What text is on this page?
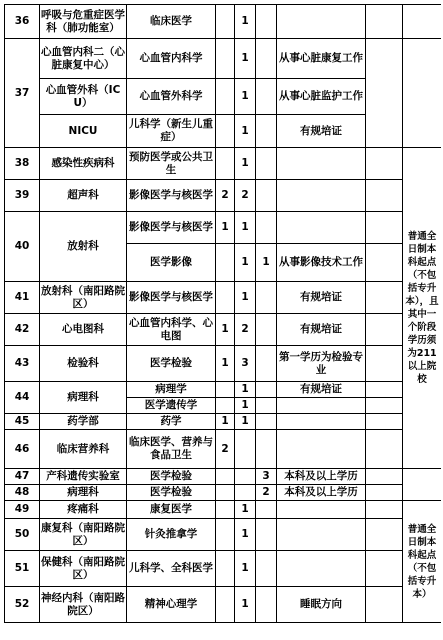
36	呼吸与危重症医学科（肺功能室）	临床医学		1				
37	心血管内科二（心脏康复中心）	心血管内科学		1		从事心脏康复工作		
	心血管外科（ICU）	心血管外科学		1		从事心脏监护工作		
	NICU	儿科学（新生儿重症）		1		有规培证		
38	感染性疾病科	预防医学或公共卫生		1				普通全日制本科起点（不包括专升本），且其中一个阶段学历须为211以上院校
39	超声科	影像医学与核医学	2	2				
40	放射科	影像医学与核医学	1	1				
		医学影像		1	1	从事影像技术工作		
41	放射科（南阳路院区）	影像医学与核医学		1		有规培证		
42	心电图科	心血管内科学、心电图	1	2		有规培证		
43	检验科	医学检验	1	3		第一学历为检验专业		
44	病理科	病理学		1		有规培证		
		医学遗传学		1				
45	药学部	药学	1	1				
46	临床营养科	临床医学、营养与食品卫生	2					
47	产科遗传实验室	医学检验			3	本科及以上学历		
48	病理科	医学检验			2	本科及以上学历		
49	疼痛科	康复医学		1				普通全日制本科起点（不包括专升本）
50	康复科（南阳路院区）	针灸推拿学		1				
51	保健科（南阳路院区）	儿科学、全科医学		1				
52	神经内科（南阳路院区）	精神心理学		1		睡眠方向		
